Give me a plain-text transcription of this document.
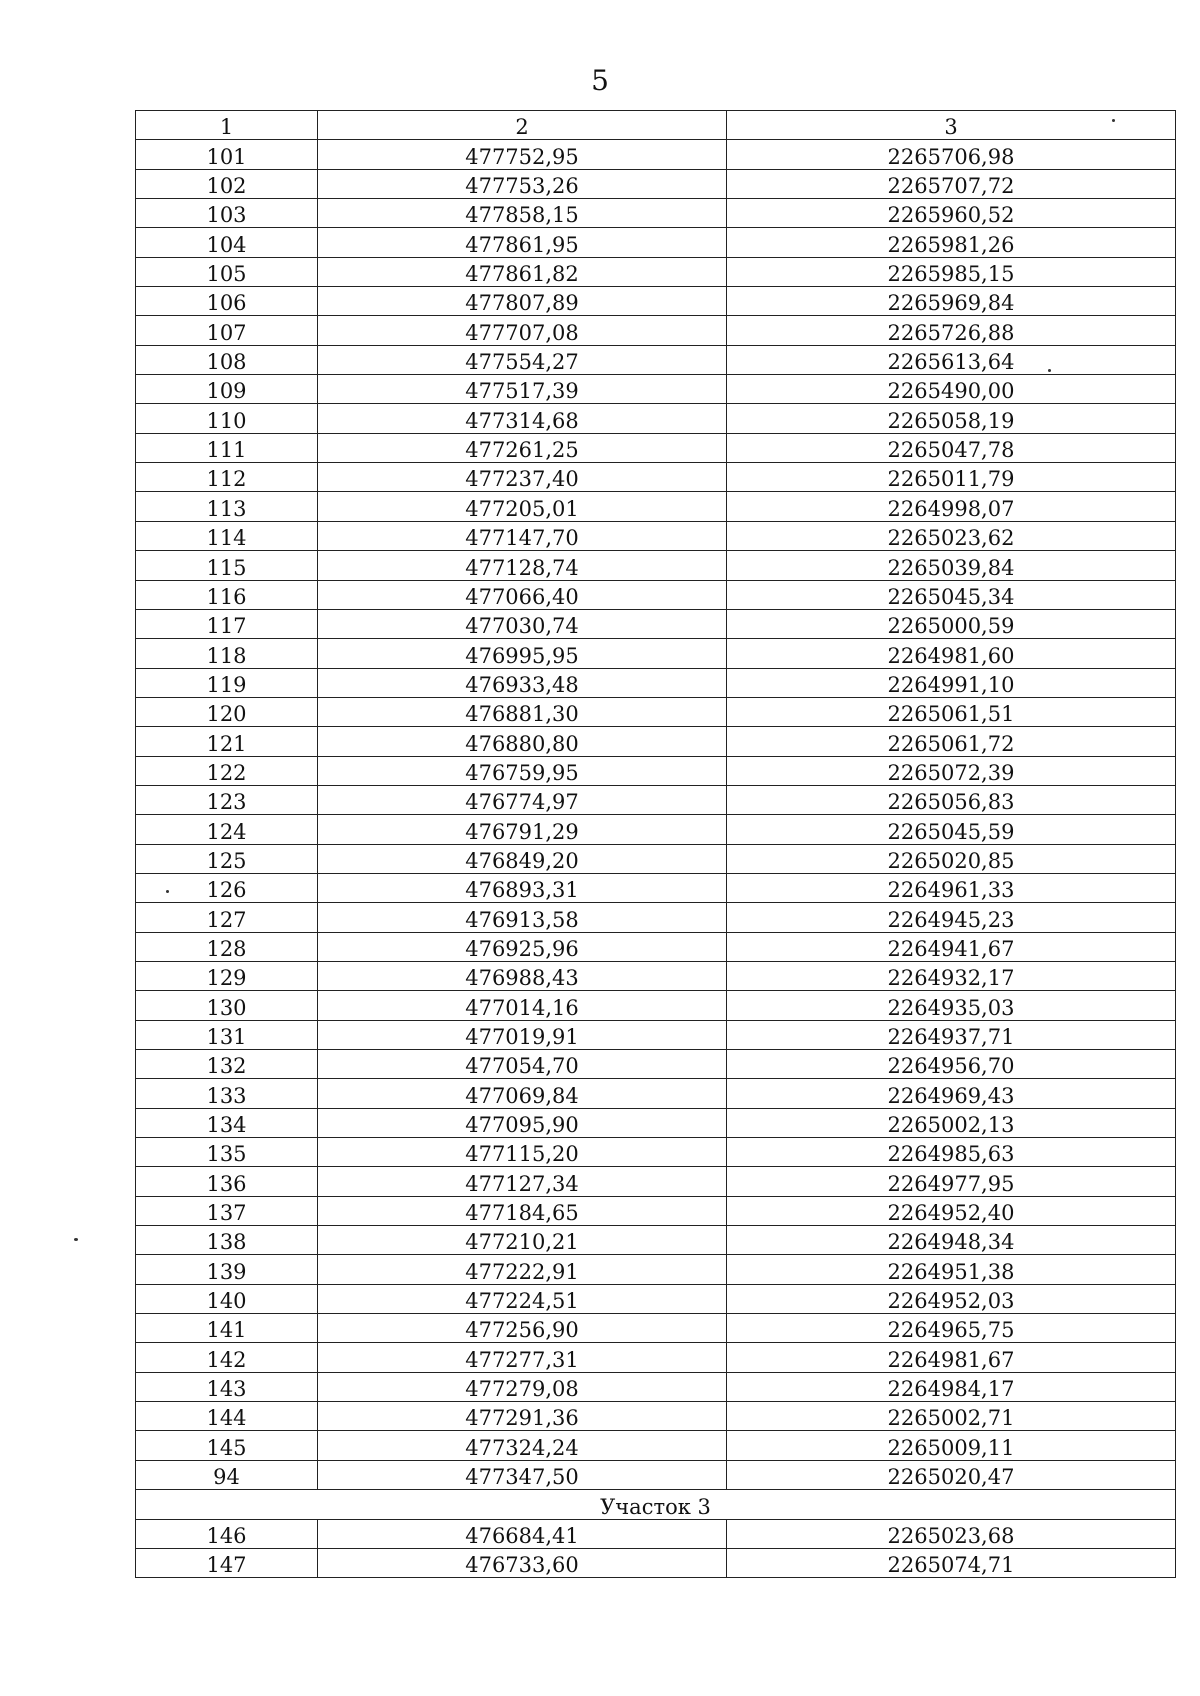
5
1	2	3
101	477752,95	2265706,98
102	477753,26	2265707,72
103	477858,15	2265960,52
104	477861,95	2265981,26
105	477861,82	2265985,15
106	477807,89	2265969,84
107	477707,08	2265726,88
108	477554,27	2265613,64
109	477517,39	2265490,00
110	477314,68	2265058,19
111	477261,25	2265047,78
112	477237,40	2265011,79
113	477205,01	2264998,07
114	477147,70	2265023,62
115	477128,74	2265039,84
116	477066,40	2265045,34
117	477030,74	2265000,59
118	476995,95	2264981,60
119	476933,48	2264991,10
120	476881,30	2265061,51
121	476880,80	2265061,72
122	476759,95	2265072,39
123	476774,97	2265056,83
124	476791,29	2265045,59
125	476849,20	2265020,85
126	476893,31	2264961,33
127	476913,58	2264945,23
128	476925,96	2264941,67
129	476988,43	2264932,17
130	477014,16	2264935,03
131	477019,91	2264937,71
132	477054,70	2264956,70
133	477069,84	2264969,43
134	477095,90	2265002,13
135	477115,20	2264985,63
136	477127,34	2264977,95
137	477184,65	2264952,40
138	477210,21	2264948,34
139	477222,91	2264951,38
140	477224,51	2264952,03
141	477256,90	2264965,75
142	477277,31	2264981,67
143	477279,08	2264984,17
144	477291,36	2265002,71
145	477324,24	2265009,11
94	477347,50	2265020,47
Участок 3		
146	476684,41	2265023,68
147	476733,60	2265074,71
